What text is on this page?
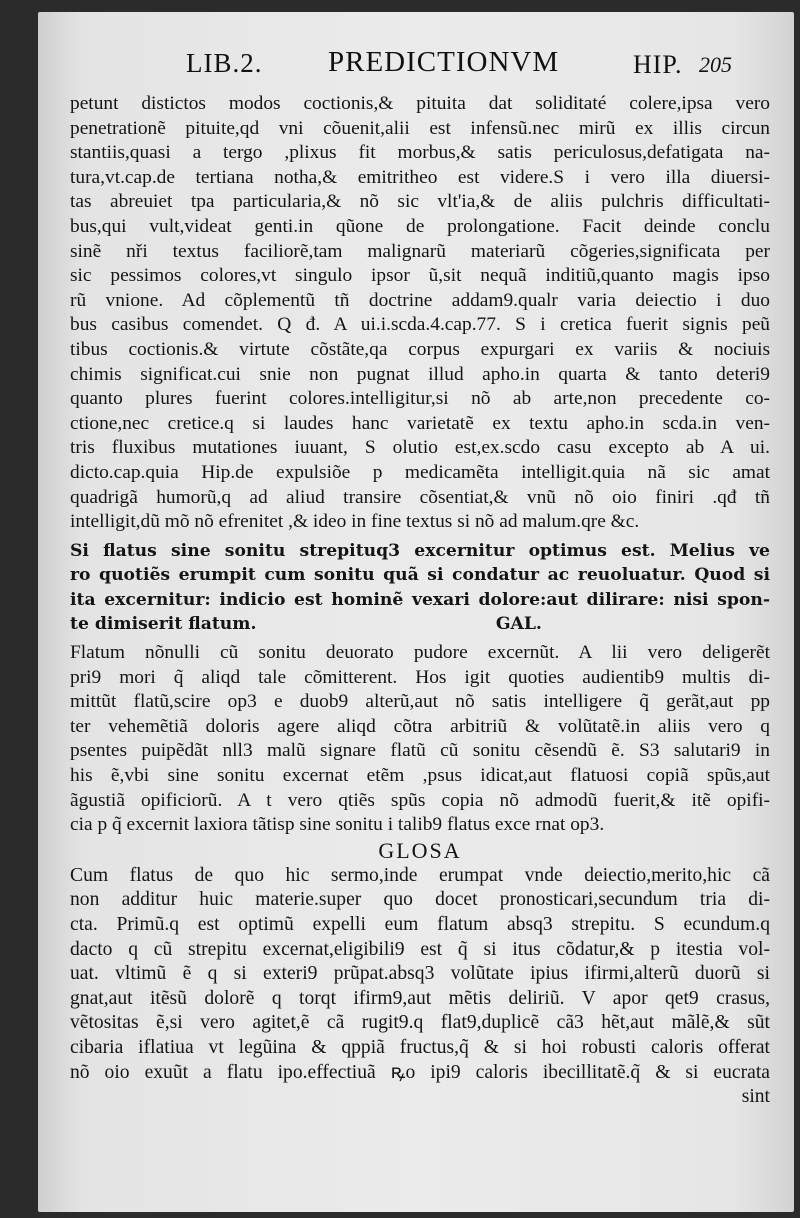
LIB.2. PREDICTIONVM	HIP. 205
petunt distictos modos coctionis,& pituita dat soliditaté colere,ipsa vero
penetrationẽ pituite,qd vni cõuenit,alii est infensũ.nec mirũ ex illis circun
stantiis,quasi a tergo ,plixus fit morbus,& satis periculosus,defatigata na-
tura,vt.cap.de tertiana notha,& emitritheo est videre.S i vero illa diuersi-
tas abreuiet tpa particularia,& nõ sic vlt'ia,& de aliis pulchris difficultati-
bus,qui vult,videat genti.in qũone de prolongatione. Facit deinde conclu
sinẽ nři textus faciliorẽ,tam malignarũ materiarũ cõgeries,significata per
sic pessimos colores,vt singulo ipsor ũ,sit nequã inditiũ,quanto magis ipso
rũ vnione. Ad cõplementũ tñ doctrine addam9.qualr varia deiectio i duo
bus casibus comendet. Q đ. A ui.i.scda.4.cap.77. S i cretica fuerit signis peũ
tibus coctionis.& virtute cõstãte,qa corpus expurgari ex variis & nociuis
chimis significat.cui snie non pugnat illud apho.in quarta & tanto deteri9
quanto plures fuerint colores.intelligitur,si nõ ab arte,non precedente co-
ctione,nec cretice.q si laudes hanc varietatẽ ex textu apho.in scda.in ven-
tris fluxibus mutationes iuuant, S olutio est,ex.scdo casu excepto ab A ui.
dicto.cap.quia Hip.de expulsiõe p medicamẽta intelligit.quia nã sic amat
quadrigã humorũ,q ad aliud transire cõsentiat,& vnũ nõ oio finiri .qđ tñ
intelligit,dũ mõ nõ efrenitet ,& ideo in fine textus si nõ ad malum.qre &c.
Si flatus sine sonitu strepituq3 excernitur optimus est. Melius ve
ro quotiẽs erumpit cum sonitu quã si condatur ac reuoluatur. Quod si
ita excernitur: indicio est hominẽ vexari dolore:aut dilirare: nisi spon-
te dimiserit flatum.                                        GAL.
Flatum nõnulli cũ sonitu deuorato pudore excernũt. A lii vero deligerẽt
pri9 mori q̃ aliqd tale cõmitterent. Hos igit quoties audientib9 multis di-
mittũt flatũ,scire op3 e duob9 alterũ,aut nõ satis intelligere q̃ gerãt,aut pp
ter vehemẽtiã doloris agere aliqd cõtra arbitriũ & volũtatẽ.in aliis vero q
psentes puipẽdãt nll3 malũ signare flatũ cũ sonitu cẽsendũ ẽ. S3 salutari9 in
his ẽ,vbi sine sonitu excernat etẽm ,psus idicat,aut flatuosi copiã spũs,aut
ãgustiã opificiorũ. A t vero qtiẽs spũs copia nõ admodũ fuerit,& itẽ opifi-
cia p q̃ excernit laxiora tãtisp sine sonitu i talib9 flatus exce rnat op3.
GLOSA
Cum flatus de quo hic sermo,inde erumpat vnde deiectio,merito,hic cã
non additur huic materie.super quo docet pronosticari,secundum tria di-
cta. Primũ.q est optimũ expelli eum flatum absq3 strepitu. S ecundum.q
dacto q cũ strepitu excernat,eligibili9 est q̃ si itus cõdatur,& p itestia vol-
uat. vltimũ ẽ q si exteri9 prũpat.absq3 volũtate ipius ifirmi,alterũ duorũ si
gnat,aut itẽsũ dolorẽ q torqt ifirm9,aut mẽtis deliriũ. V apor qet9 crasus,
vẽtositas ẽ,si vero agitet,ẽ cã rugit9.q flat9,duplicẽ cã3 hẽt,aut mãlẽ,& sũt
cibaria iflatiua vt legũina & qppiã fructus,q̃ & si hoi robusti caloris offerat
nõ oio exuũt a flatu ipo.effectiuã ꝶo ipi9 caloris ibecillitatẽ.q̃ & si eucrata
sint
